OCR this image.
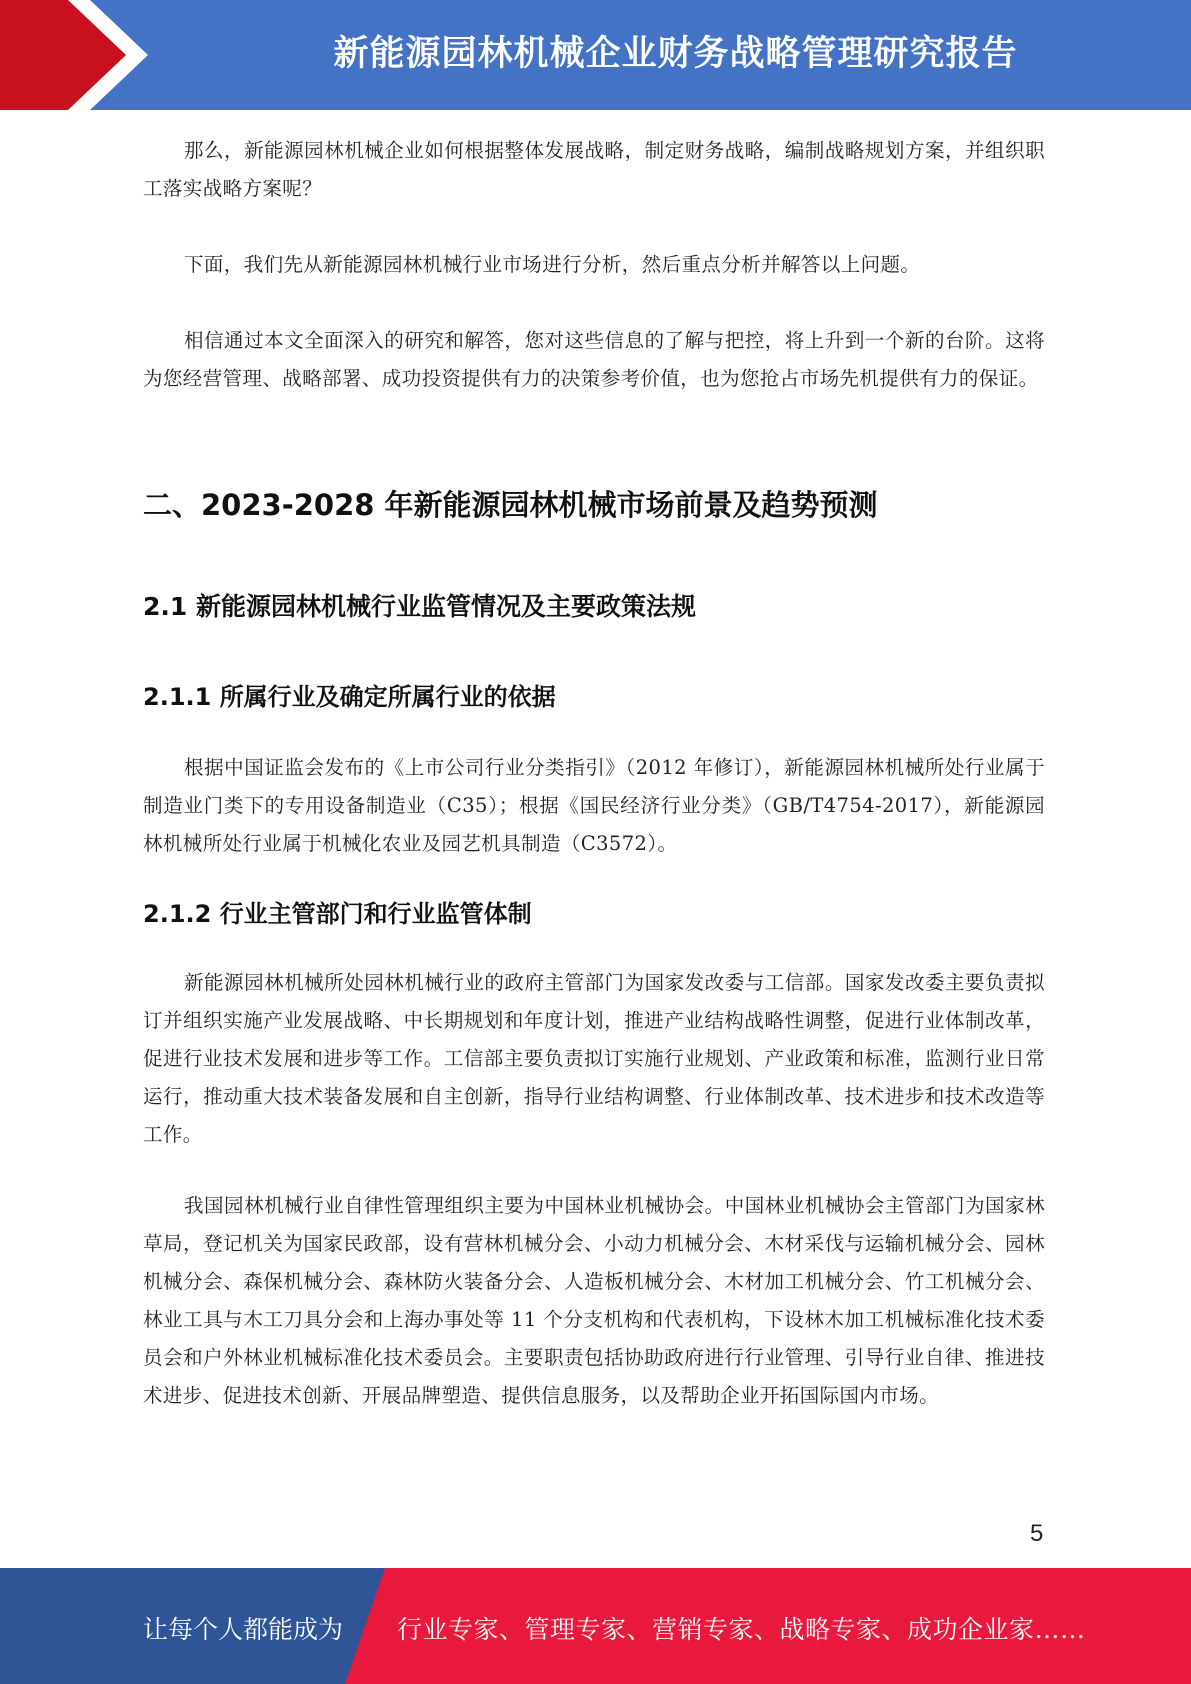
新能源园林机械企业财务战略管理研究报告

那么，新能源园林机械企业如何根据整体发展战略，制定财务战略，编制战略规划方案，并组织职工落实战略方案呢？

下面，我们先从新能源园林机械行业市场进行分析，然后重点分析并解答以上问题。

相信通过本文全面深入的研究和解答，您对这些信息的了解与把控，将上升到一个新的台阶。这将为您经营管理、战略部署、成功投资提供有力的决策参考价值，也为您抢占市场先机提供有力的保证。

二、2023-2028 年新能源园林机械市场前景及趋势预测
2.1 新能源园林机械行业监管情况及主要政策法规
2.1.1 所属行业及确定所属行业的依据

根据中国证监会发布的《上市公司行业分类指引》（2012 年修订），新能源园林机械所处行业属于制造业门类下的专用设备制造业（C35）；根据《国民经济行业分类》（GB/T4754-2017），新能源园林机械所处行业属于机械化农业及园艺机具制造（C3572）。

2.1.2 行业主管部门和行业监管体制

新能源园林机械所处园林机械行业的政府主管部门为国家发改委与工信部。国家发改委主要负责拟订并组织实施产业发展战略、中长期规划和年度计划，推进产业结构战略性调整，促进行业体制改革，促进行业技术发展和进步等工作。工信部主要负责拟订实施行业规划、产业政策和标准，监测行业日常运行，推动重大技术装备发展和自主创新，指导行业结构调整、行业体制改革、技术进步和技术改造等工作。

我国园林机械行业自律性管理组织主要为中国林业机械协会。中国林业机械协会主管部门为国家林草局，登记机关为国家民政部，设有营林机械分会、小动力机械分会、木材采伐与运输机械分会、园林机械分会、森保机械分会、森林防火装备分会、人造板机械分会、木材加工机械分会、竹工机械分会、林业工具与木工刀具分会和上海办事处等 11 个分支机构和代表机构，下设林木加工机械标准化技术委员会和户外林业机械标准化技术委员会。主要职责包括协助政府进行行业管理、引导行业自律、推进技术进步、促进技术创新、开展品牌塑造、提供信息服务，以及帮助企业开拓国际国内市场。

5
让每个人都能成为 行业专家、管理专家、营销专家、战略专家、成功企业家……
